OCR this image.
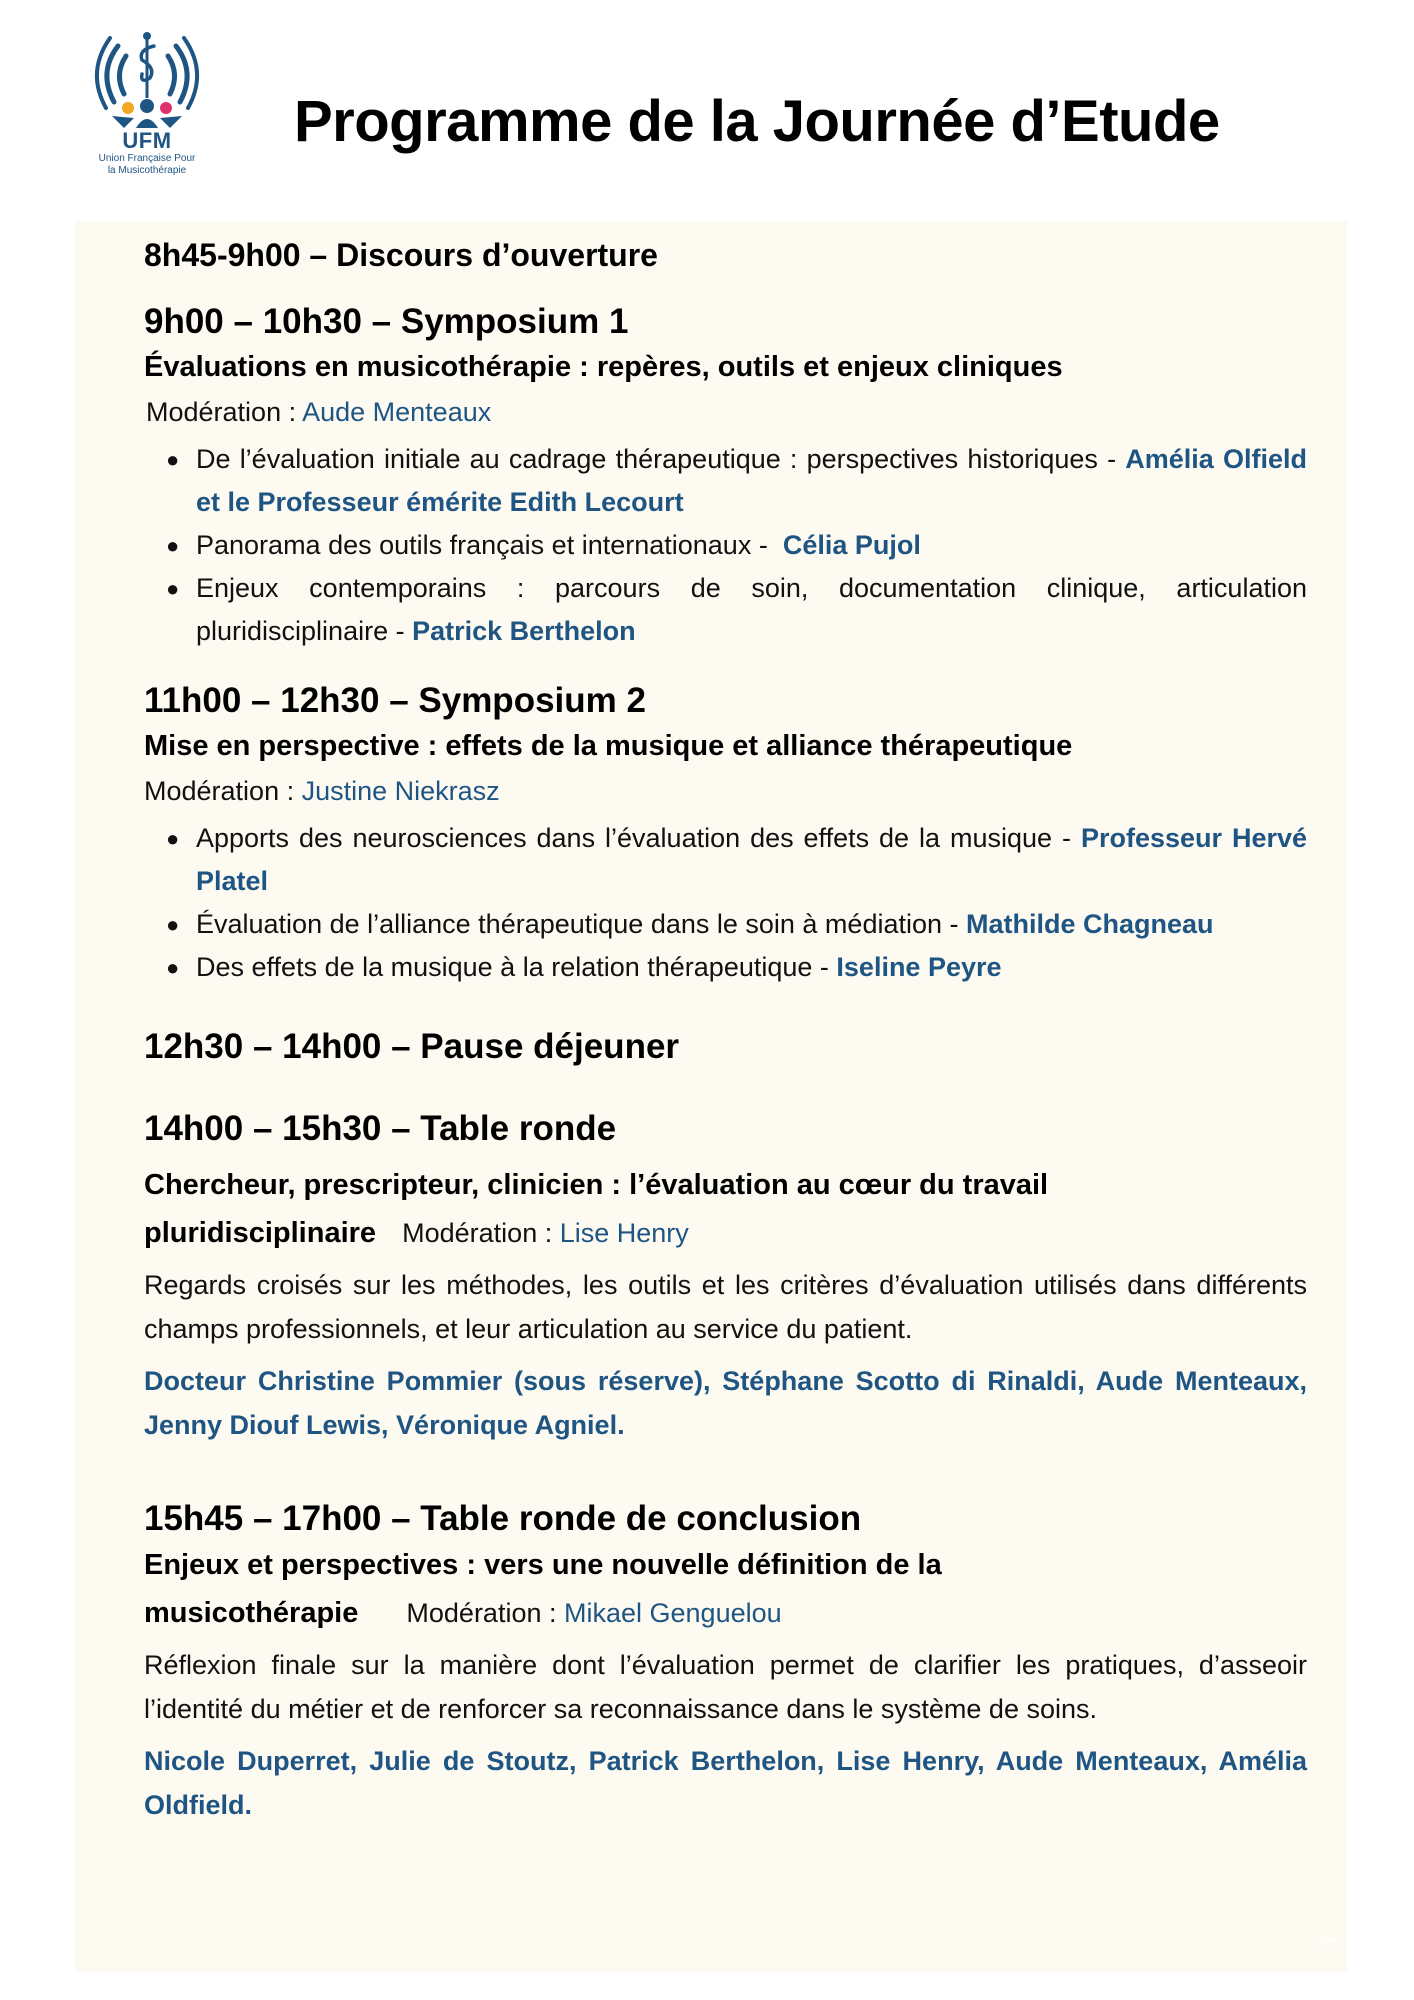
UFM
Union Française Pour
la Musicothérapie
Programme de la Journée d’Etude

8h45-9h00 – Discours d’ouverture

9h00 – 10h30 – Symposium 1

Évaluations en musicothérapie : repères, outils et enjeux cliniques

Modération : Aude Menteaux
● De l’évaluation initiale au cadrage thérapeutique : perspectives historiques - Amélia Olfield et le Professeur émérite Edith Lecourt
● Panorama des outils français et internationaux -  Célia Pujol
● Enjeux contemporains : parcours de soin, documentation clinique, articulation pluridisciplinaire - Patrick Berthelon

11h00 – 12h30 – Symposium 2

Mise en perspective : effets de la musique et alliance thérapeutique

Modération : Justine Niekrasz
● Apports des neurosciences dans l’évaluation des effets de la musique - Professeur Hervé Platel
● Évaluation de l’alliance thérapeutique dans le soin à médiation - Mathilde Chagneau
● Des effets de la musique à la relation thérapeutique - Iseline Peyre

12h30 – 14h00 – Pause déjeuner

14h00 – 15h30 – Table ronde

Chercheur, prescripteur, clinicien : l’évaluation au cœur du travail
pluridisciplinaire Modération : Lise Henry

Regards croisés sur les méthodes, les outils et les critères d’évaluation utilisés dans différents champs professionnels, et leur articulation au service du patient.

Docteur Christine Pommier (sous réserve), Stéphane Scotto di Rinaldi, Aude Menteaux, Jenny Diouf Lewis, Véronique Agniel.

15h45 – 17h00 – Table ronde de conclusion

Enjeux et perspectives : vers une nouvelle définition de la
musicothérapie Modération : Mikael Genguelou

Réflexion finale sur la manière dont l’évaluation permet de clarifier les pratiques, d’asseoir l’identité du métier et de renforcer sa reconnaissance dans le système de soins.

Nicole Duperret, Julie de Stoutz, Patrick Berthelon, Lise Henry, Aude Menteaux, Amélia Oldfield.

3
